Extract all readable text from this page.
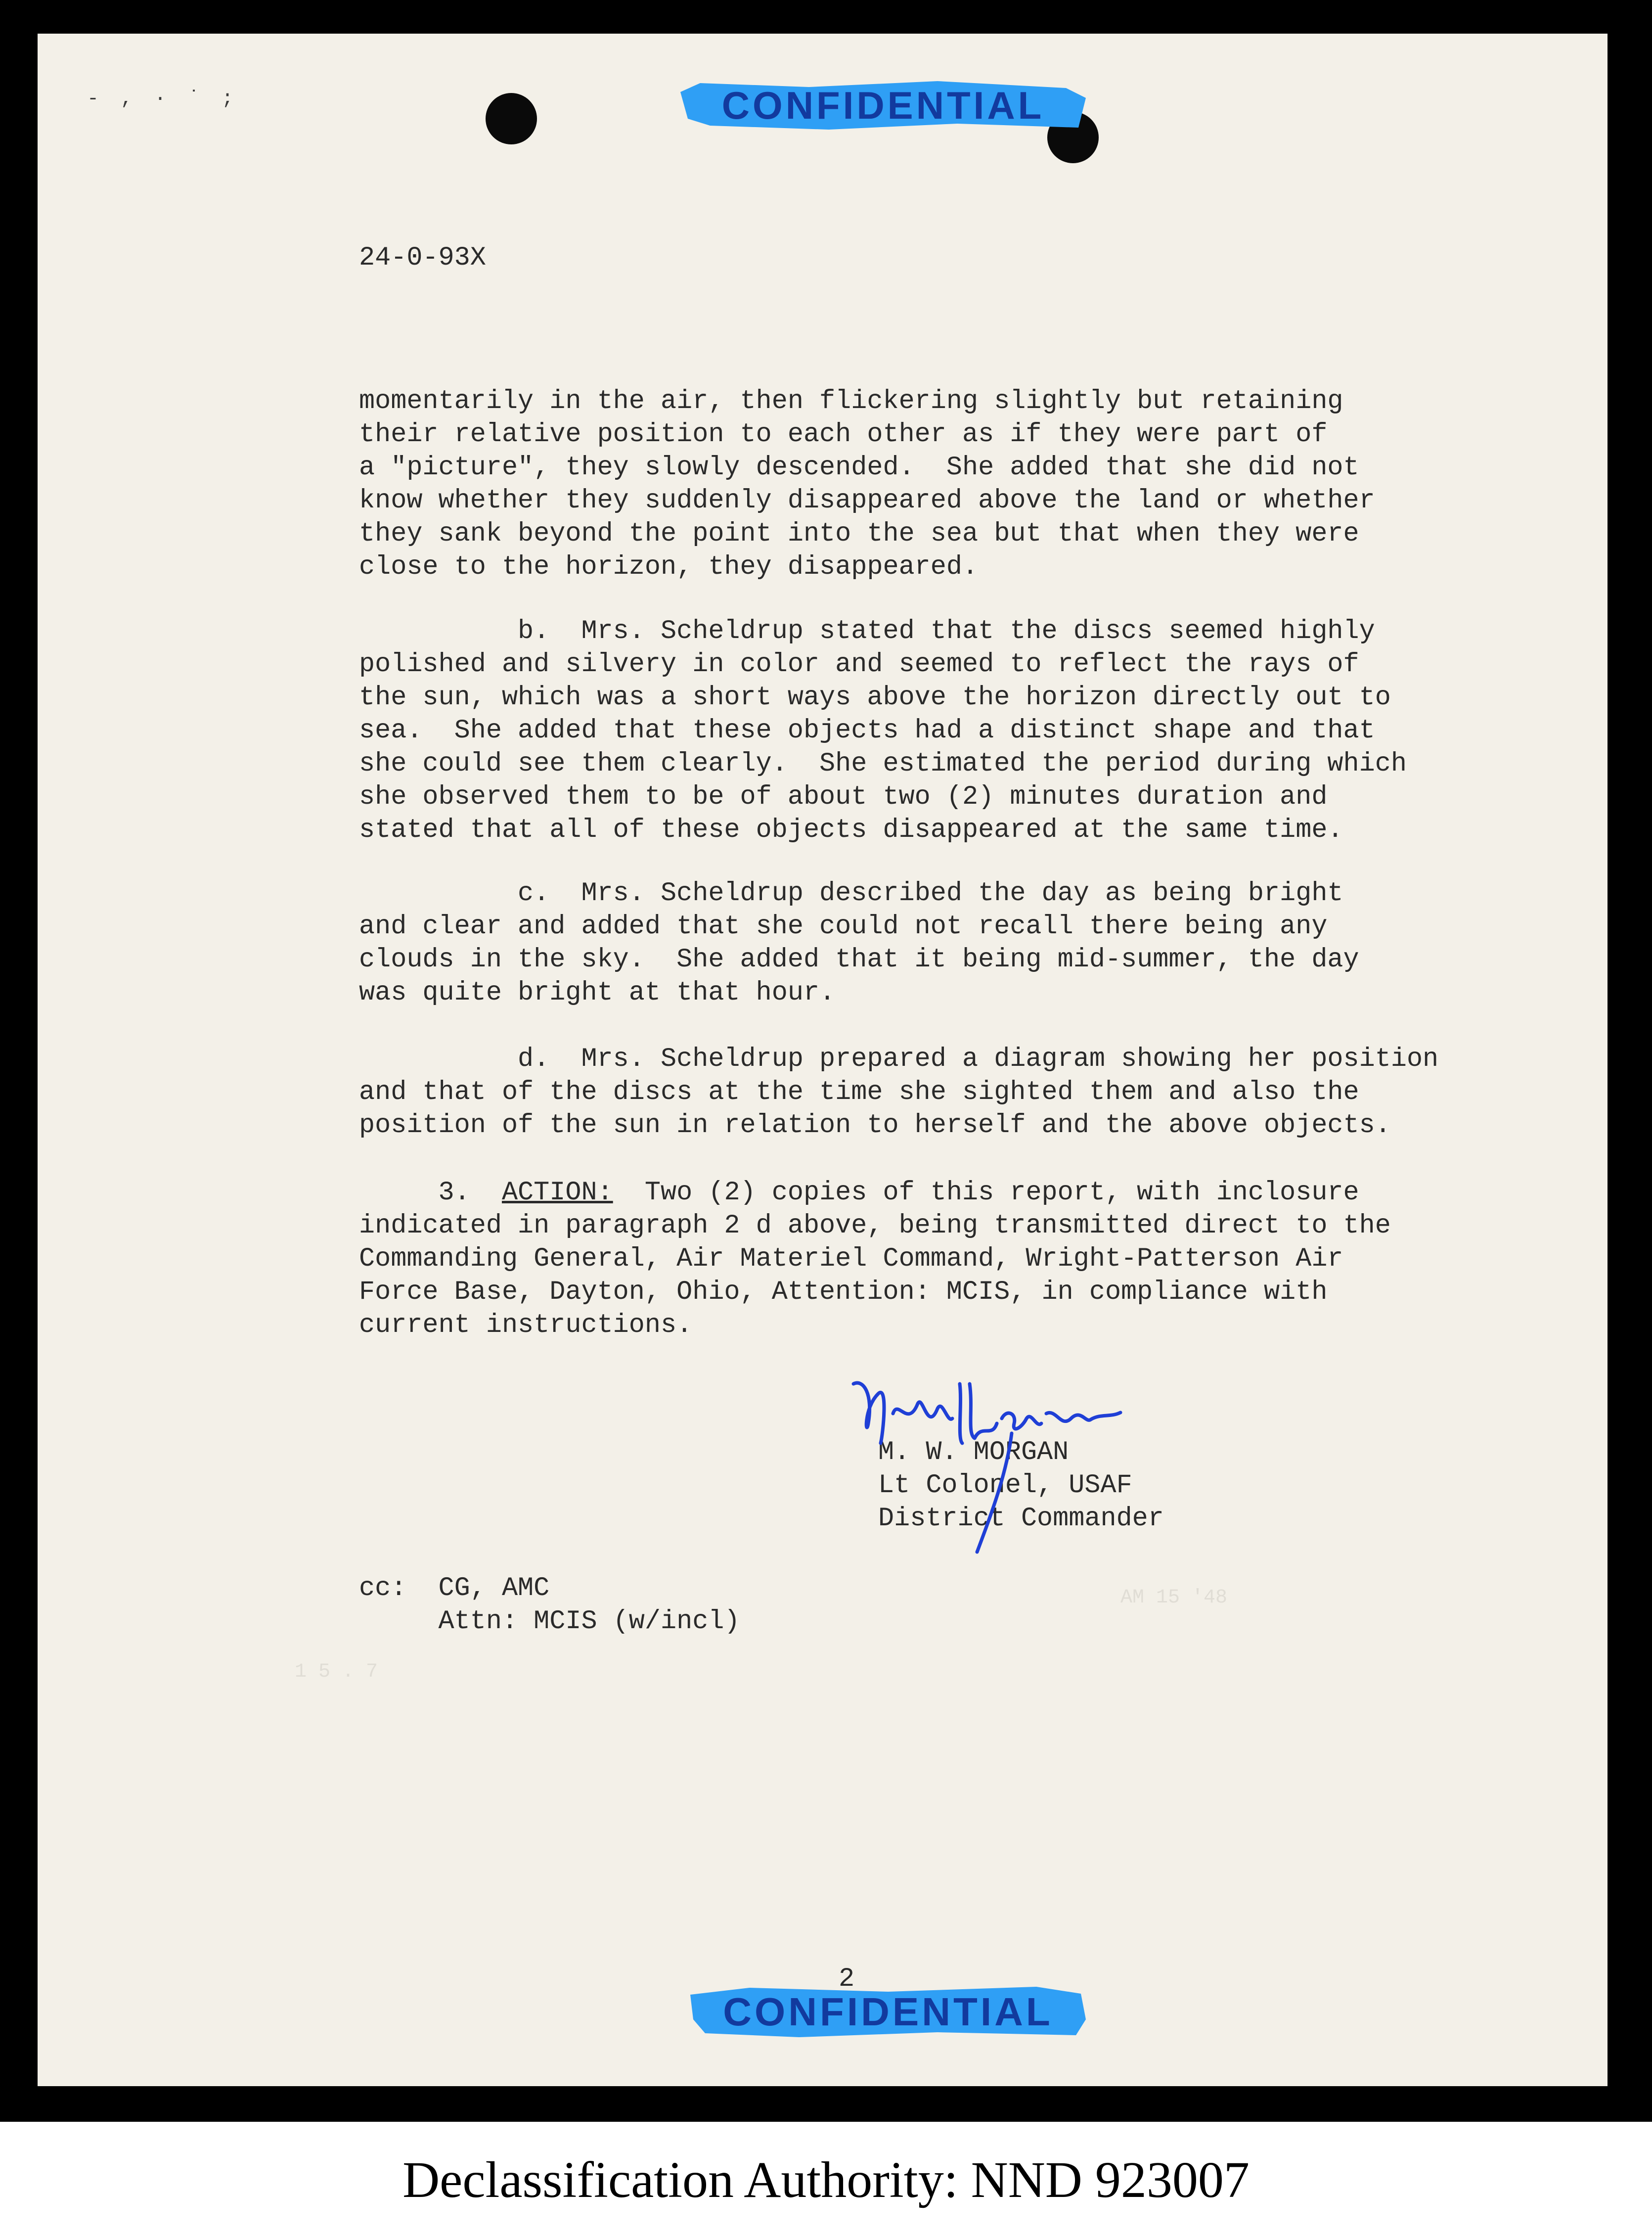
- , · ˙ ;	CONFIDENTIAL
1 5 . 7
AM 15 '48
24-0-93X
momentarily in the air, then flickering slightly but retaining
their relative position to each other as if they were part of
a "picture", they slowly descended.  She added that she did not
know whether they suddenly disappeared above the land or whether
they sank beyond the point into the sea but that when they were
close to the horizon, they disappeared.
b.  Mrs. Scheldrup stated that the discs seemed highly
polished and silvery in color and seemed to reflect the rays of
the sun, which was a short ways above the horizon directly out to
sea.  She added that these objects had a distinct shape and that
she could see them clearly.  She estimated the period during which
she observed them to be of about two (2) minutes duration and
stated that all of these objects disappeared at the same time.
c.  Mrs. Scheldrup described the day as being bright
and clear and added that she could not recall there being any
clouds in the sky.  She added that it being mid-summer, the day
was quite bright at that hour.
d.  Mrs. Scheldrup prepared a diagram showing her position
and that of the discs at the time she sighted them and also the
position of the sun in relation to herself and the above objects.
3.  ACTION:  Two (2) copies of this report, with inclosure
indicated in paragraph 2 d above, being transmitted direct to the
Commanding General, Air Materiel Command, Wright-Patterson Air
Force Base, Dayton, Ohio, Attention: MCIS, in compliance with
current instructions.
M. W. MORGAN
Lt Colonel, USAF
District Commander
cc:  CG, AMC
Attn: MCIS (w/incl)
2
CONFIDENTIAL
Declassification Authority: NND 923007
